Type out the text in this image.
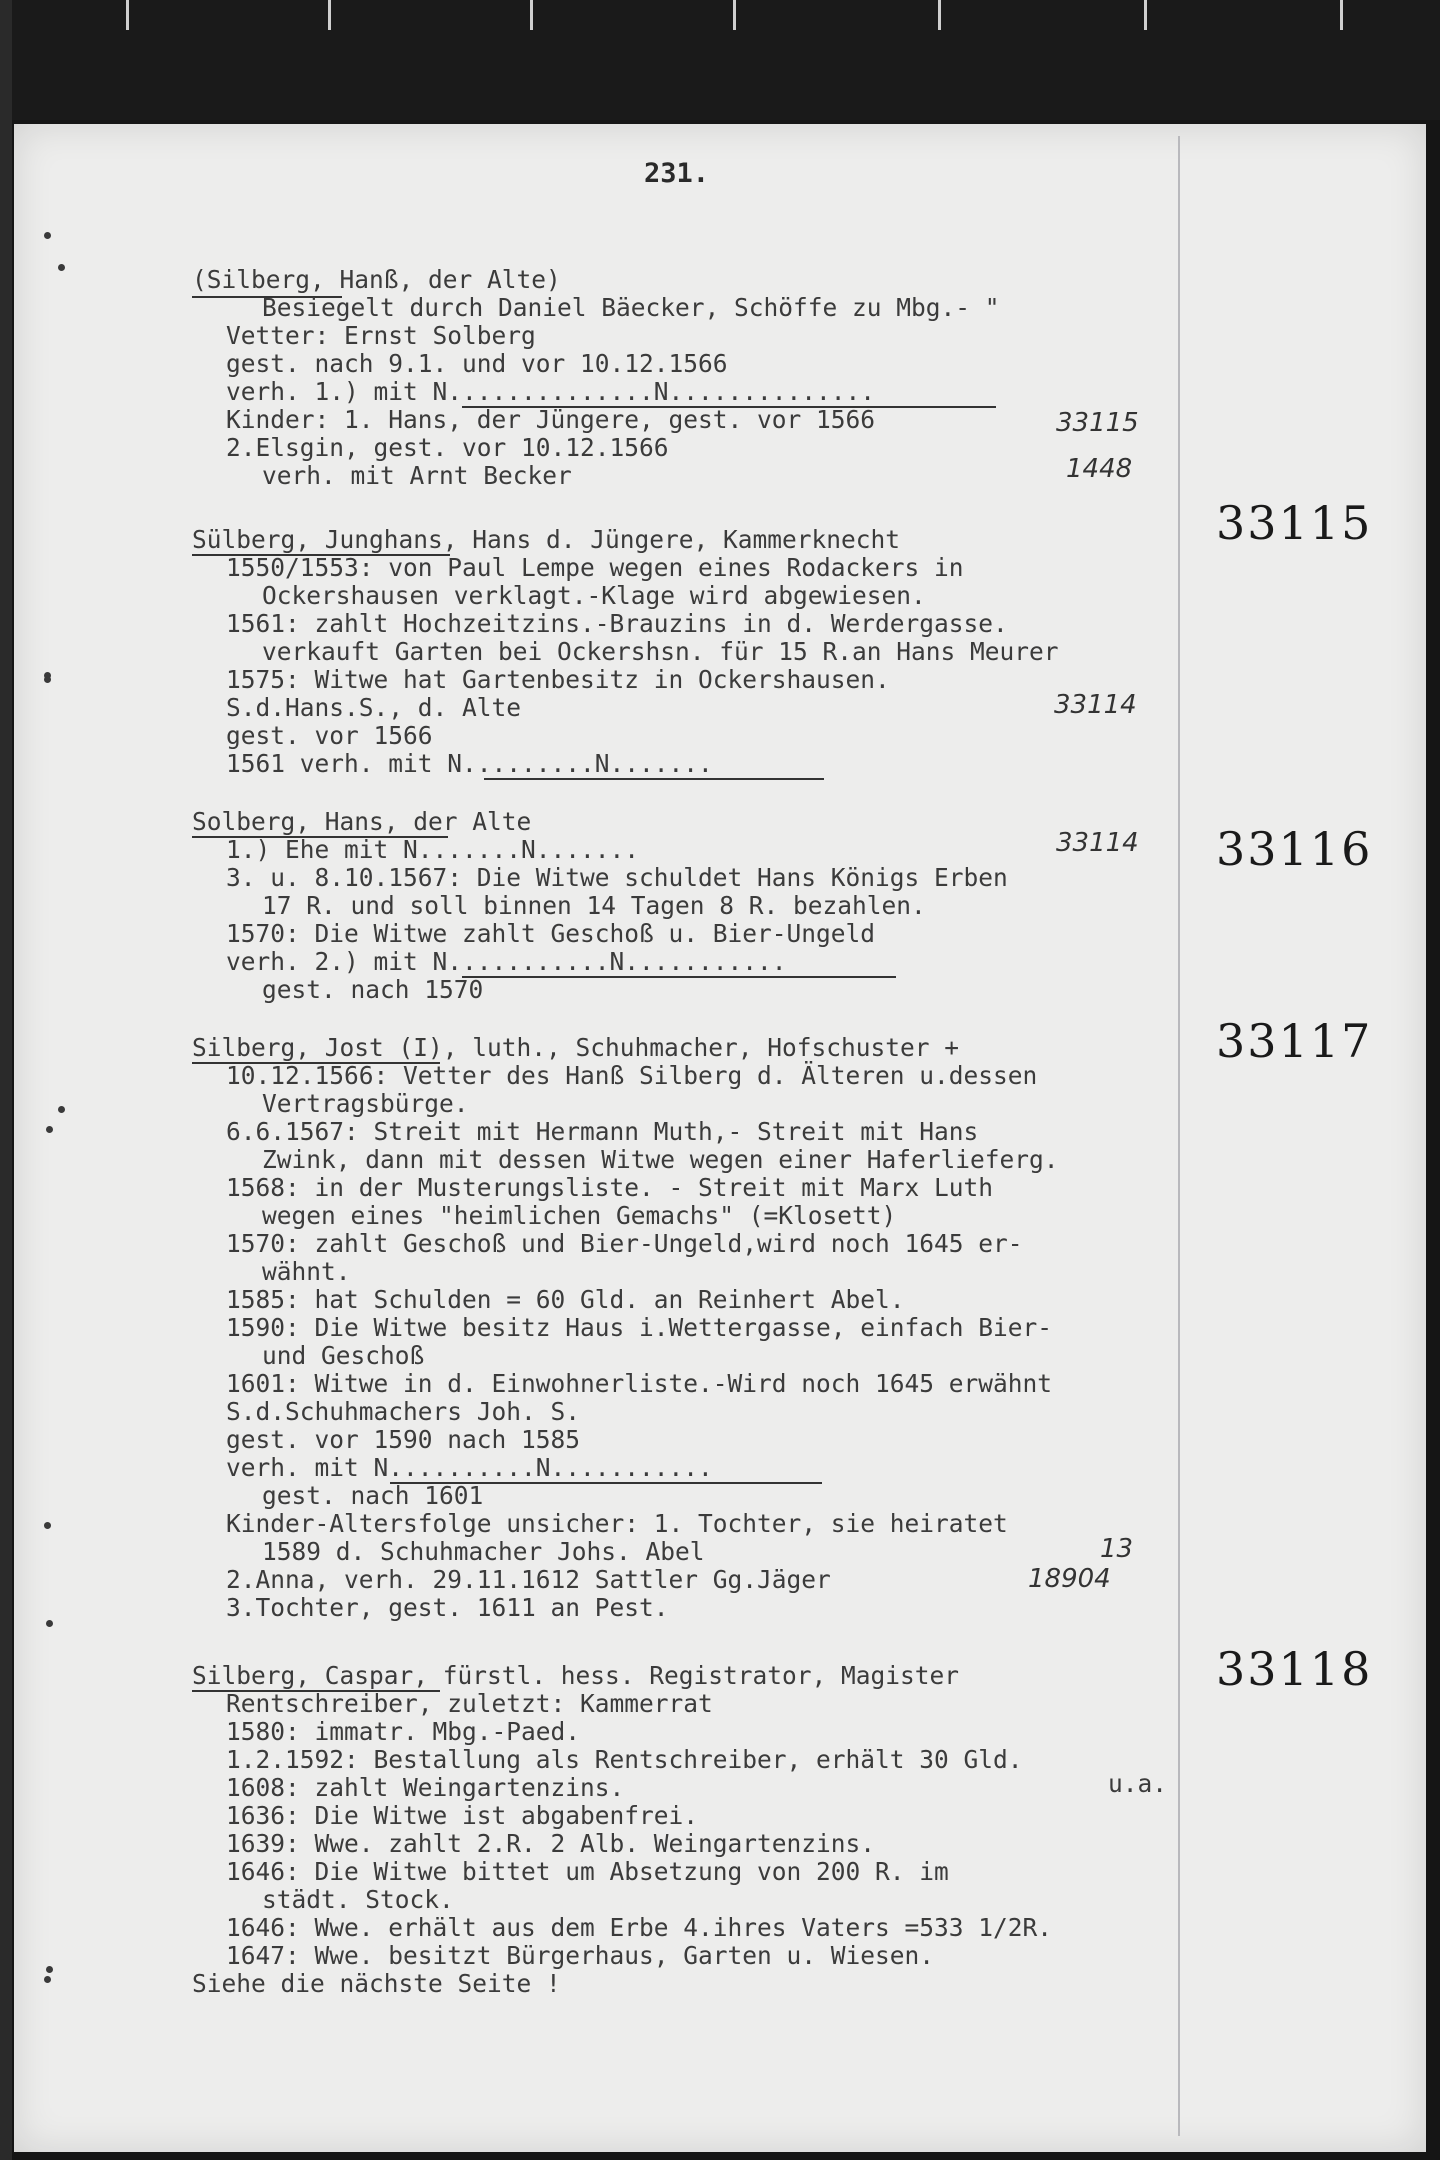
231.
(Silberg, Hanß, der Alte)
Besiegelt durch Daniel Bäecker, Schöffe zu Mbg.- "
Vetter: Ernst Solberg
gest. nach 9.1. und vor 10.12.1566
verh. 1.) mit N..............N..............
Kinder: 1. Hans, der Jüngere, gest. vor 1566
2.Elsgin, gest. vor 10.12.1566
verh. mit Arnt Becker
33115
1448
33115
Sülberg, Junghans, Hans d. Jüngere, Kammerknecht
1550/1553: von Paul Lempe wegen eines Rodackers in
Ockershausen verklagt.-Klage wird abgewiesen.
1561: zahlt Hochzeitzins.-Brauzins in d. Werdergasse.
verkauft Garten bei Ockershsn. für 15 R.an Hans Meurer
1575: Witwe hat Gartenbesitz in Ockershausen.
S.d.Hans.S., d. Alte
gest. vor 1566
1561 verh. mit N.........N.......
33114
33116
Solberg, Hans, der Alte
1.) Ehe mit N.......N.......
3. u. 8.10.1567: Die Witwe schuldet Hans Königs Erben
17 R. und soll binnen 14 Tagen 8 R. bezahlen.
1570: Die Witwe zahlt Geschoß u. Bier-Ungeld
verh. 2.) mit N...........N...........
gest. nach 1570
33114
33117
Silberg, Jost (I), luth., Schuhmacher, Hofschuster +
10.12.1566: Vetter des Hanß Silberg d. Älteren u.dessen
Vertragsbürge.
6.6.1567: Streit mit Hermann Muth,- Streit mit Hans
Zwink, dann mit dessen Witwe wegen einer Haferlieferg.
1568: in der Musterungsliste. - Streit mit Marx Luth
wegen eines "heimlichen Gemachs" (=Klosett)
1570: zahlt Geschoß und Bier-Ungeld,wird noch 1645 er-
wähnt.
1585: hat Schulden = 60 Gld. an Reinhert Abel.
1590: Die Witwe besitz Haus i.Wettergasse, einfach Bier-
und Geschoß
1601: Witwe in d. Einwohnerliste.-Wird noch 1645 erwähnt
S.d.Schuhmachers Joh. S.
gest. vor 1590 nach 1585
verh. mit N..........N...........
gest. nach 1601
Kinder-Altersfolge unsicher: 1. Tochter, sie heiratet
1589 d. Schuhmacher Johs. Abel
2.Anna, verh. 29.11.1612 Sattler Gg.Jäger
3.Tochter, gest. 1611 an Pest.
13
18904
33118
Silberg, Caspar, fürstl. hess. Registrator, Magister
Rentschreiber, zuletzt: Kammerrat
1580: immatr. Mbg.-Paed.
1.2.1592: Bestallung als Rentschreiber, erhält 30 Gld.
1608: zahlt Weingartenzins.
1636: Die Witwe ist abgabenfrei.
1639: Wwe. zahlt 2.R. 2 Alb. Weingartenzins.
1646: Die Witwe bittet um Absetzung von 200 R. im
städt. Stock.
1646: Wwe. erhält aus dem Erbe 4.ihres Vaters =533 1/2R.
1647: Wwe. besitzt Bürgerhaus, Garten u. Wiesen.
Siehe die nächste Seite !
u.a.
